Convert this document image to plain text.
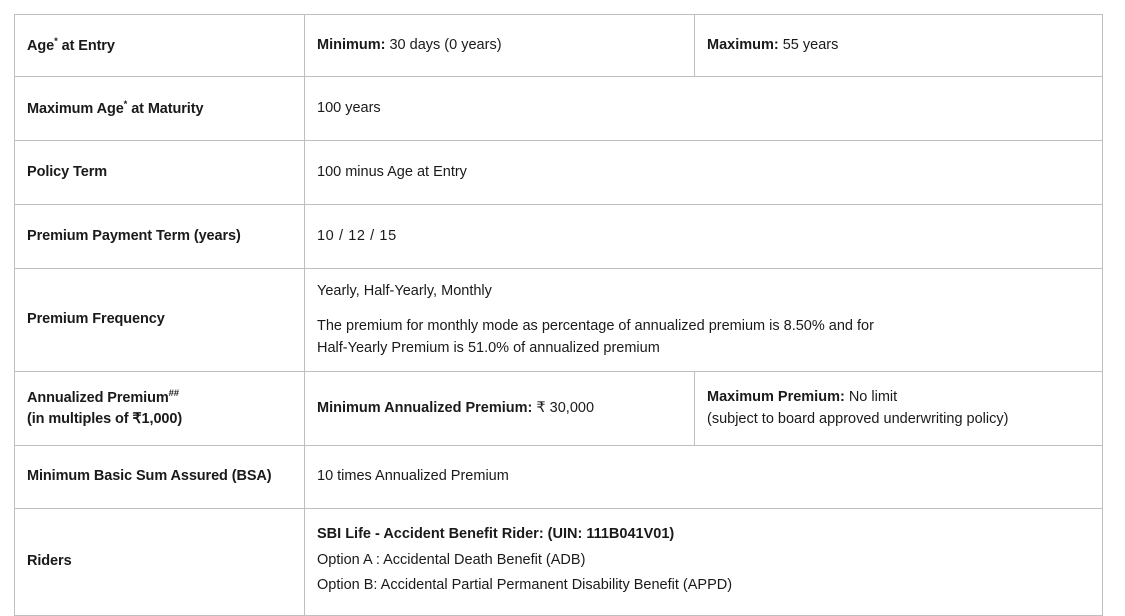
Age* at Entry	Minimum: 30 days (0 years)	Maximum: 55 years
Maximum Age* at Maturity	100 years	
Policy Term	100 minus Age at Entry	
Premium Payment Term (years)	10 / 12 / 15	
Premium Frequency	Yearly, Half-Yearly, Monthly
The premium for monthly mode as percentage of annualized premium is 8.50% and for
Half-Yearly Premium is 51.0% of annualized premium	

Annualized Premium##
(in multiples of ₹1,000)	Minimum Annualized Premium: ₹ 30,000	Maximum Premium: No limit
(subject to board approved underwriting policy)

Minimum Basic Sum Assured (BSA)	10 times Annualized Premium	
Riders	SBI Life - Accident Benefit Rider: (UIN: 111B041V01)
Option A : Accidental Death Benefit (ADB)
Option B: Accidental Partial Permanent Disability Benefit (APPD)	
